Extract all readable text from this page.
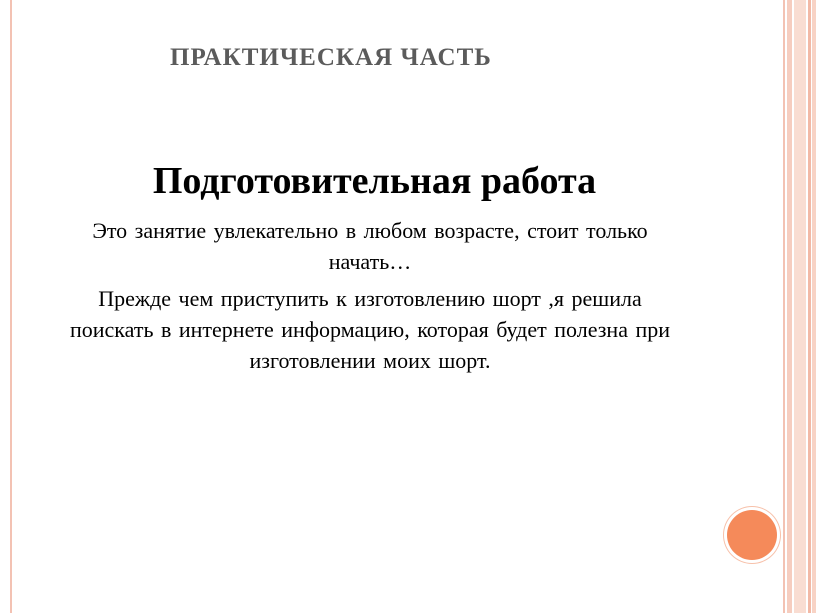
ПРАКТИЧЕСКАЯ ЧАСТЬ
Подготовительная работа

Это занятие увлекательно в любом возрасте, стоит только начать…

Прежде чем приступить к изготовлению шорт ,я решила поискать в интернете информацию, которая будет полезна при изготовлении моих шорт.
